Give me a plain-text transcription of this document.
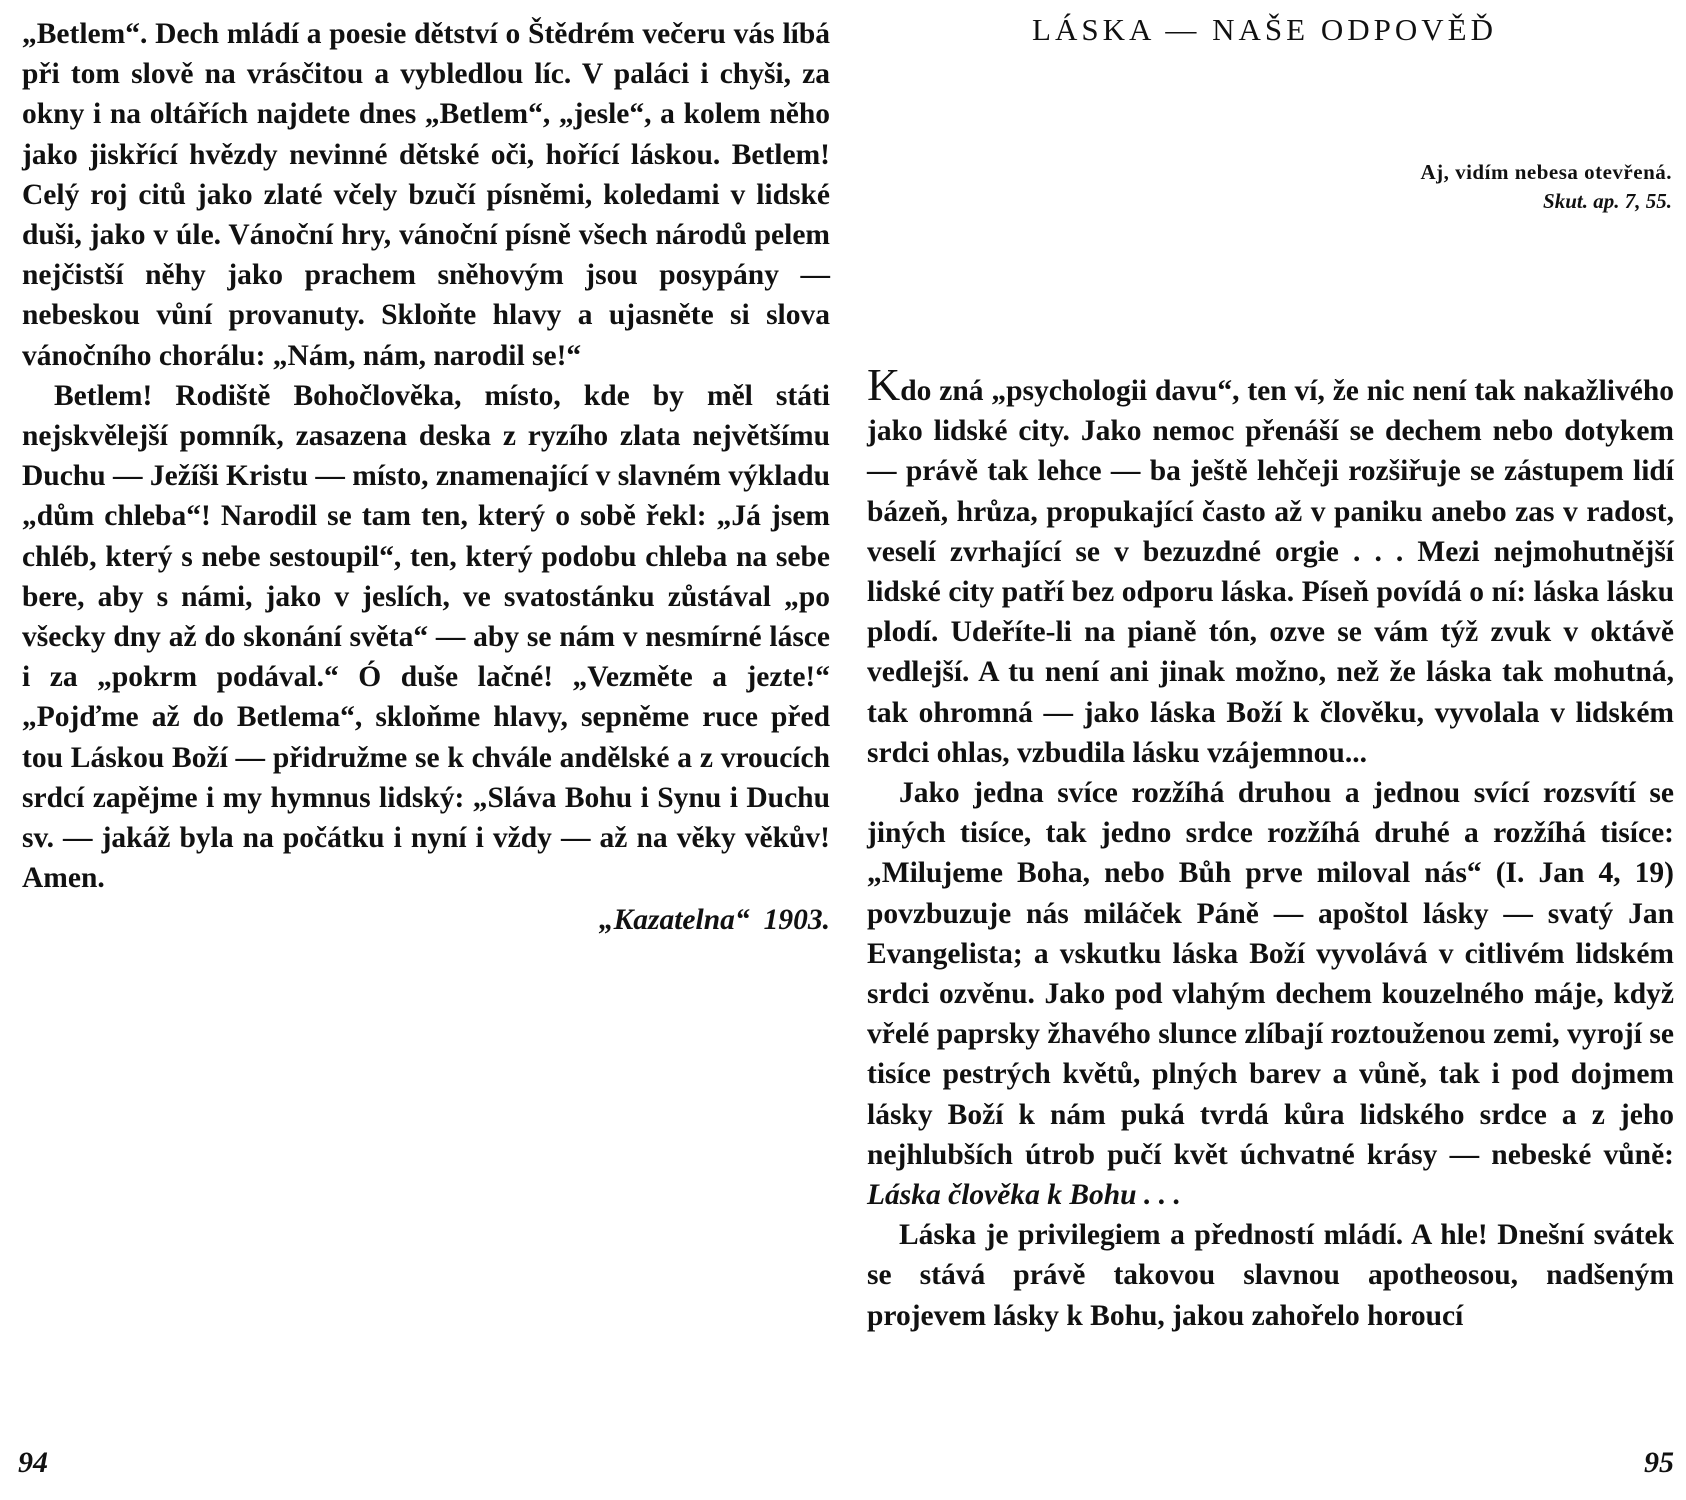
„Betlem“. Dech mládí a poesie dětství o Štědrém večeru vás líbá při tom slově na vrásčitou a vybledlou líc. V paláci i chyši, za okny i na oltářích najdete dnes „Betlem“, „jesle“, a kolem něho jako jiskřící hvězdy nevinné dětské oči, hořící láskou. Betlem! Celý roj citů jako zlaté včely bzučí písněmi, koledami v lidské duši, jako v úle. Vánoční hry, vánoční písně všech národů pelem nejčistší něhy jako prachem sněhovým jsou posypány — nebeskou vůní provanuty. Skloňte hlavy a ujasněte si slova vánočního chorálu: „Nám, nám, narodil se!“

Betlem! Rodiště Bohočlověka, místo, kde by měl státi nejskvělejší pomník, zasazena deska z ryzího zlata největšímu Duchu — Ježíši Kristu — místo, znamenající v slavném výkladu „dům chleba“! Narodil se tam ten, který o sobě řekl: „Já jsem chléb, který s nebe sestoupil“, ten, který podobu chleba na sebe bere, aby s námi, jako v jeslích, ve svatostánku zůstával „po všecky dny až do skonání světa“ — aby se nám v nesmírné lásce i za „pokrm podával.“ Ó duše lačné! „Vezměte a jezte!“ „Pojďme až do Betlema“, skloňme hlavy, sepněme ruce před tou Láskou Boží — přidružme se k chvále andělské a z vroucích srdcí zapějme i my hymnus lidský: „Sláva Bohu i Synu i Duchu sv. — jakáž byla na počátku i nyní i vždy — až na věky věkův! Amen.

„Kazatelna“ 1903.
94
LÁSKA — NAŠE ODPOVĚĎ
Aj, vidím nebesa otevřená.
Skut. ap. 7, 55.

Kdo zná „psychologii davu“, ten ví, že nic není tak nakažlivého jako lidské city. Jako nemoc přenáší se dechem nebo dotykem — právě tak lehce — ba ještě lehčeji rozšiřuje se zástupem lidí bázeň, hrůza, propukající často až v paniku anebo zas v radost, veselí zvrhající se v bezuzdné orgie . . . Mezi nejmohutnější lidské city patří bez odporu láska. Píseň povídá o ní: láska lásku plodí. Udeříte-li na pianě tón, ozve se vám týž zvuk v oktávě vedlejší. A tu není ani jinak možno, než že láska tak mohutná, tak ohromná — jako láska Boží k člověku, vyvolala v lidském srdci ohlas, vzbudila lásku vzájemnou...

Jako jedna svíce rozžíhá druhou a jednou svící rozsvítí se jiných tisíce, tak jedno srdce rozžíhá druhé a rozžíhá tisíce: „Milujeme Boha, nebo Bůh prve miloval nás“ (I. Jan 4, 19) povzbuzuje nás miláček Páně — apoštol lásky — svatý Jan Evangelista; a vskutku láska Boží vyvolává v citlivém lidském srdci ozvěnu. Jako pod vlahým dechem kouzelného máje, když vřelé paprsky žhavého slunce zlíbají roztouženou zemi, vyrojí se tisíce pestrých květů, plných barev a vůně, tak i pod dojmem lásky Boží k nám puká tvrdá kůra lidského srdce a z jeho nejhlubších útrob pučí květ úchvatné krásy — nebeské vůně: Láska člověka k Bohu . . .

Láska je privilegiem a předností mládí. A hle! Dnešní svátek se stává právě takovou slavnou apotheosou, nadšeným projevem lásky k Bohu, jakou zahořelo horoucí

95
